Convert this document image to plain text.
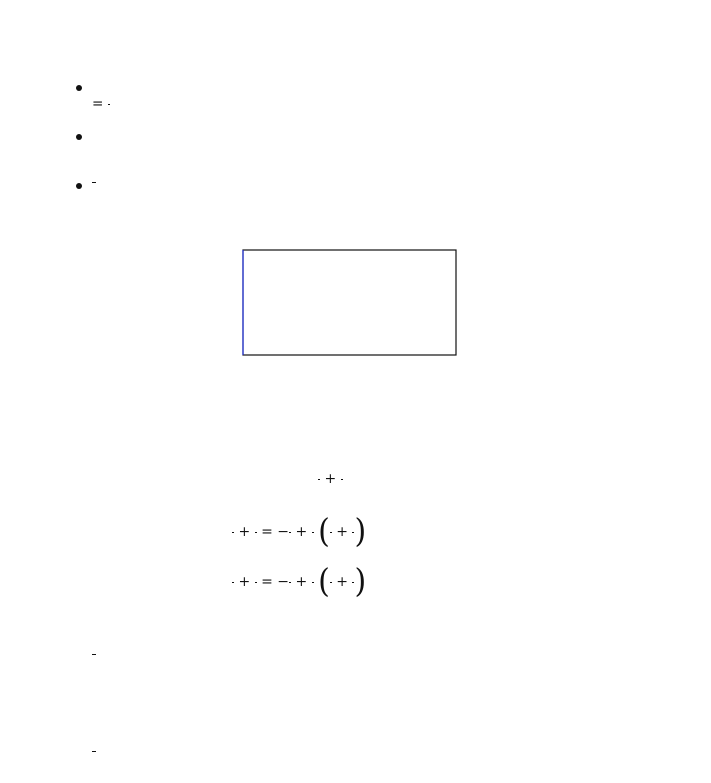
=

+
+
= −
+
(
+
)
+
= −
+
(
+
)
